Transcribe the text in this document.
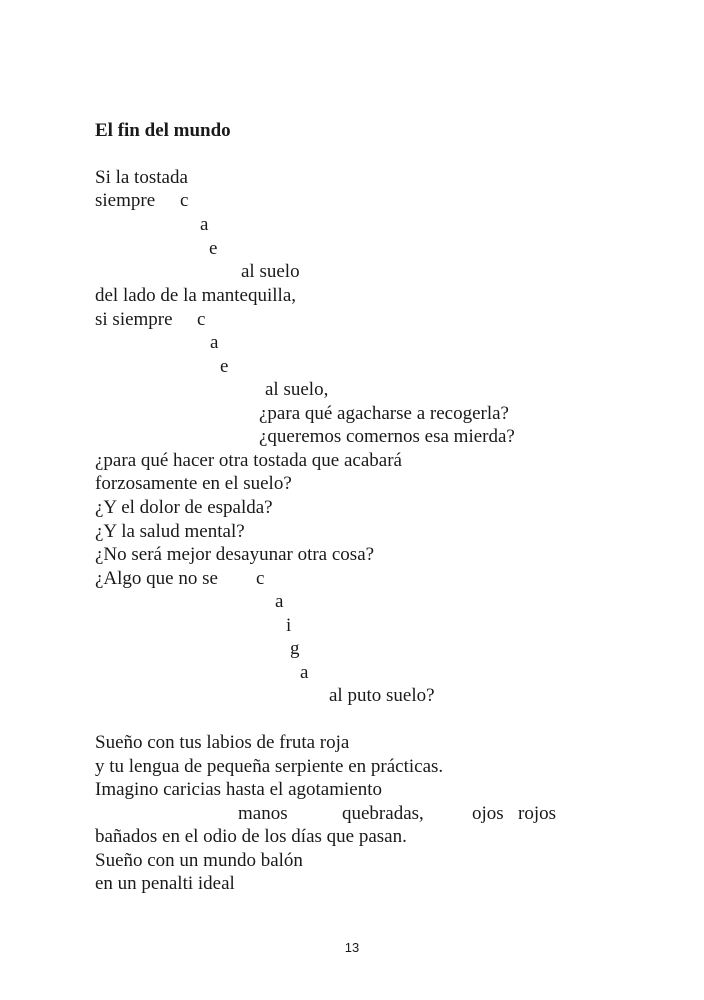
El fin del mundo
Si la tostada
siempre c
a
e
al suelo
del lado de la mantequilla,
si siempre c
a
e
al suelo,
¿para qué agacharse a recogerla?
¿queremos comernos esa mierda?
¿para qué hacer otra tostada que acabará
forzosamente en el suelo?
¿Y el dolor de espalda?
¿Y la salud mental?
¿No será mejor desayunar otra cosa?
¿Algo que no se c
a
i
g
a
al puto suelo?
Sueño con tus labios de fruta roja
y tu lengua de pequeña serpiente en prácticas.
Imagino caricias hasta el agotamiento
manos	quebradas,	ojos rojos
bañados en el odio de los días que pasan.
Sueño con un mundo balón
en un penalti ideal
13
